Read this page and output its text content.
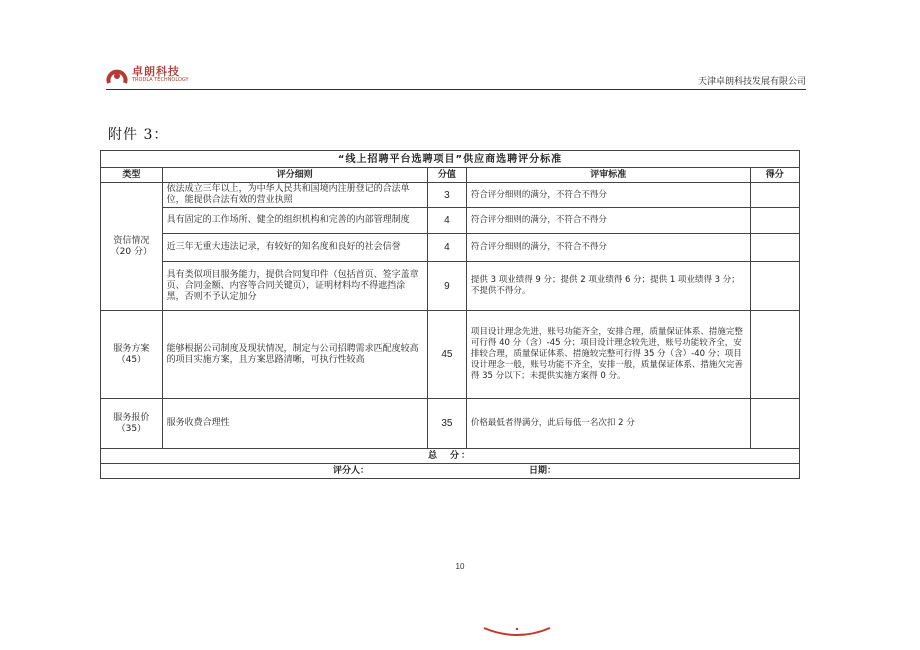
卓朗科技
TRODLA TECHNOLOGY	天津卓朗科技发展有限公司
附件 3：
“线上招聘平台选聘项目”供应商选聘评分标准				
类型	评分细则	分值	评审标准	得分
资信情况（20 分）	依法成立三年以上，为中华人民共和国境内注册登记的合法单位，能提供合法有效的营业执照	3	符合评分细则的满分，不符合不得分	
	具有固定的工作场所、健全的组织机构和完善的内部管理制度	4	符合评分细则的满分，不符合不得分	
	近三年无重大违法记录，有较好的知名度和良好的社会信誉	4	符合评分细则的满分，不符合不得分	
	具有类似项目服务能力，提供合同复印件（包括首页、签字盖章页、合同金额、内容等合同关键页），证明材料均不得遮挡涂黑，否则不予认定加分	9	提供 3 项业绩得 9 分；提供 2 项业绩得 6 分；提供 1 项业绩得 3 分；不提供不得分。	
服务方案（45）	能够根据公司制度及现状情况，制定与公司招聘需求匹配度较高的项目实施方案，且方案思路清晰，可执行性较高	45	项目设计理念先进，账号功能齐全，安排合理，质量保证体系、措施完整可行得 40 分（含）-45 分；项目设计理念较先进，账号功能较齐全，安排较合理，质量保证体系、措施较完整可行得 35 分（含）-40 分；项目设计理念一般，账号功能不齐全，安排一般，质量保证体系、措施欠完善得 35 分以下；未提供实施方案得 0 分。	
服务报价（35）	服务收费合理性	35	价格最低者得满分，此后每低一名次扣 2 分	
总　分：				

评分人： 日期：				
10
